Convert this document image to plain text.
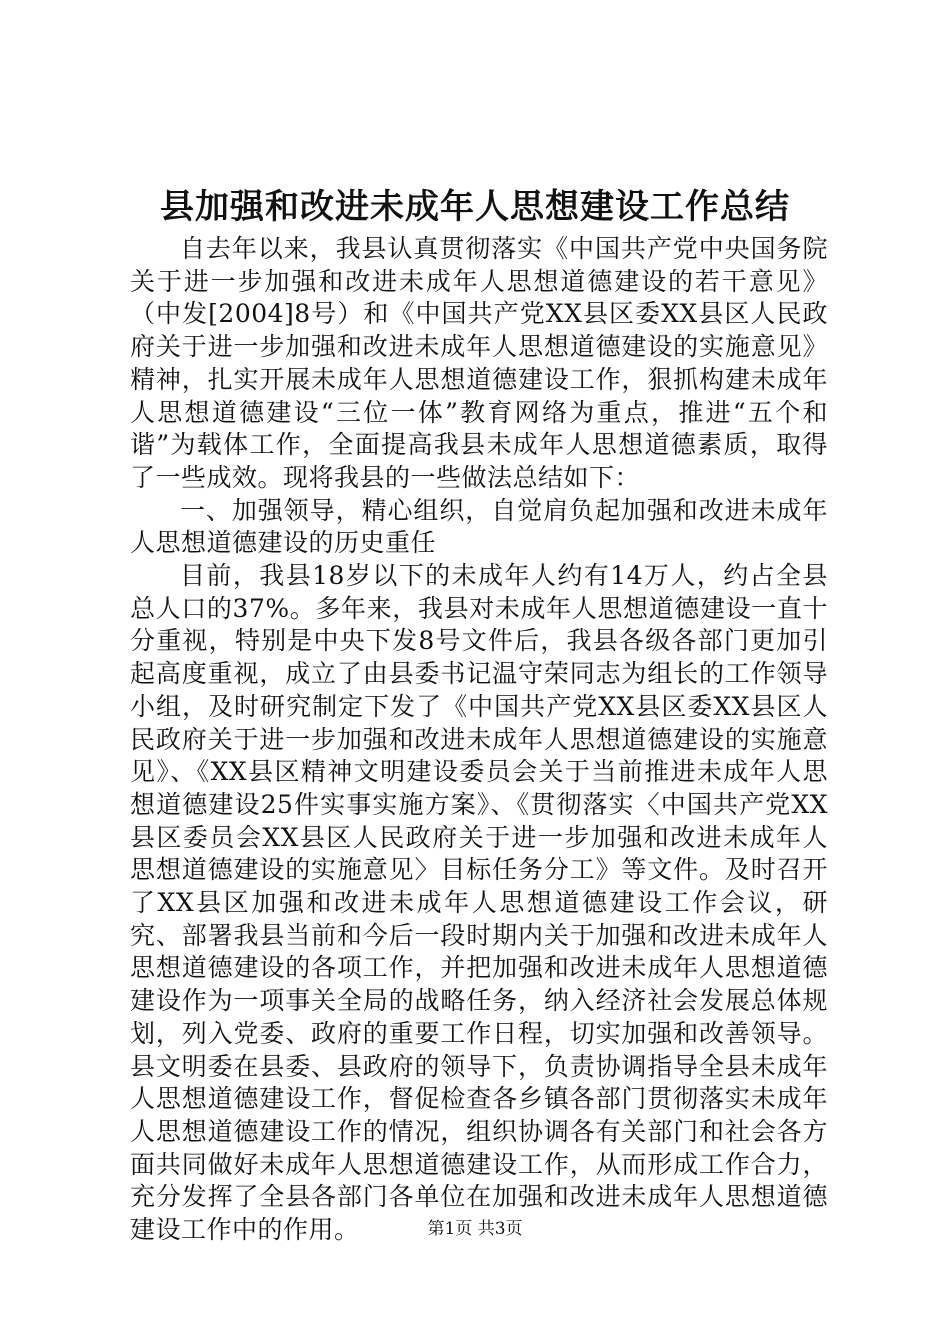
县加强和改进未成年人思想建设工作总结

自去年以来，我县认真贯彻落实《中国共产党中央国务院关于进一步加强和改进未成年人思想道德建设的若干意见》（中发[2004]8号）和《中国共产党XX县区委XX县区人民政府关于进一步加强和改进未成年人思想道德建设的实施意见》精神，扎实开展未成年人思想道德建设工作，狠抓构建未成年人思想道德建设“三位一体”教育网络为重点，推进“五个和谐”为载体工作，全面提高我县未成年人思想道德素质，取得了一些成效。现将我县的一些做法总结如下：

一、加强领导，精心组织，自觉肩负起加强和改进未成年人思想道德建设的历史重任

目前，我县18岁以下的未成年人约有14万人，约占全县总人口的37%。多年来，我县对未成年人思想道德建设一直十分重视，特别是中央下发8号文件后，我县各级各部门更加引起高度重视，成立了由县委书记温守荣同志为组长的工作领导小组，及时研究制定下发了《中国共产党XX县区委XX县区人民政府关于进一步加强和改进未成年人思想道德建设的实施意见》、《XX县区精神文明建设委员会关于当前推进未成年人思想道德建设25件实事实施方案》、《贯彻落实〈中国共产党XX县区委员会XX县区人民政府关于进一步加强和改进未成年人思想道德建设的实施意见〉目标任务分工》等文件。及时召开了XX县区加强和改进未成年人思想道德建设工作会议，研究、部署我县当前和今后一段时期内关于加强和改进未成年人思想道德建设的各项工作，并把加强和改进未成年人思想道德建设作为一项事关全局的战略任务，纳入经济社会发展总体规划，列入党委、政府的重要工作日程，切实加强和改善领导。县文明委在县委、县政府的领导下，负责协调指导全县未成年人思想道德建设工作，督促检查各乡镇各部门贯彻落实未成年人思想道德建设工作的情况，组织协调各有关部门和社会各方面共同做好未成年人思想道德建设工作，从而形成工作合力，充分发挥了全县各部门各单位在加强和改进未成年人思想道德建设工作中的作用。	第1页 共3页
